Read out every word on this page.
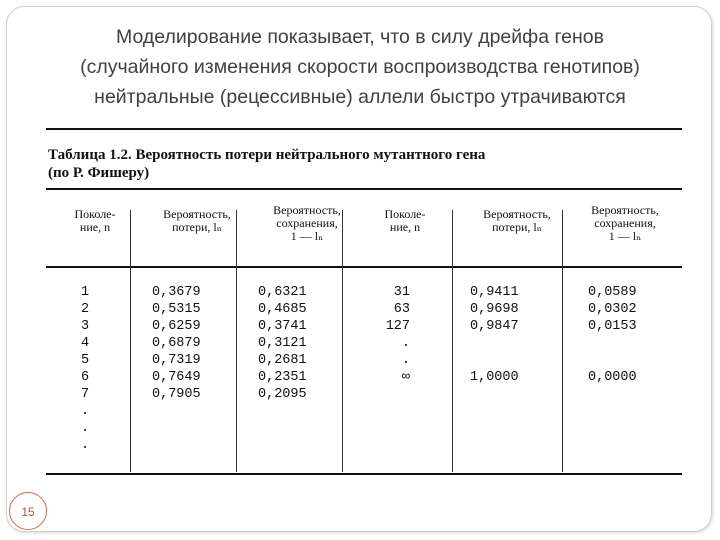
Моделирование показывает, что в силу дрейфа генов
(случайного изменения скорости воспроизводства генотипов)
нейтральные (рецессивные) аллели быстро утрачиваются
Таблица 1.2. Вероятность потери нейтрального мутантного гена
(по Р. Фишеру)
Поколе-
ние, n
Вероятность,
потери, lₙ
Вероятность,
сохранения,
1 — lₙ
Поколе-
ние, n
Вероятность,
потери, lₙ
Вероятность,
сохранения,
1 — lₙ
1
2
3
4
5
6
7
.
.
.
0,3679
0,5315
0,6259
0,6879
0,7319
0,7649
0,7905
0,6321
0,4685
0,3741
0,3121
0,2681
0,2351
0,2095
31
63
127
.
.
∞
0,9411
0,9698
0,9847
1,0000
0,0589
0,0302
0,0153
0,0000
15
